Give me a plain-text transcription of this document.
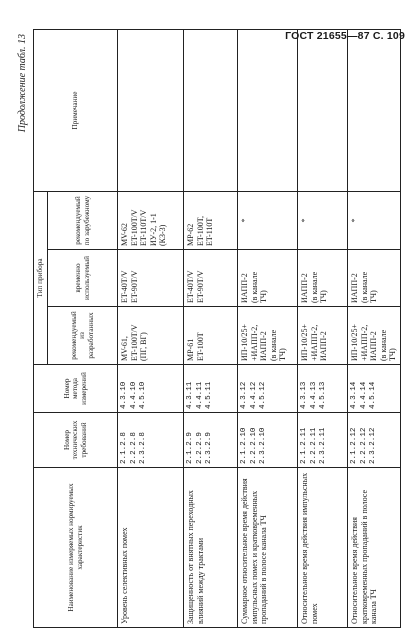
ГОСТ 21655—87 С. 109
Продолжение табл. 13
Наименование измеряемых нормируемых характеристик	Номер технических требований	Номер метода измерений	Тип прибора			Примечание
			рекомендуемый из разработанных	временно используемый	рекомендуемый по зарубежному	
Уровень селективных помех	2.1.2.8
2.2.2.8
2.3.2.8	4.3.10
4.4.10
4.5.10	MV-61,
ET-100T/V
(ПГ, ВГ)	ET-40T/V
ET-90T/V	MV-62
ET-100T/V
ET-110T/V
ИУ-2, 1-1
(КЗ-3)	
Защищенность от внятных переходных влияний между трактами	2.1.2.9
2.2.2.9
2.3.2.9	4.3.11
4.4.11
4.5.11	MP-61
ET-100T	ET-40T/V
ET-90T/V	MP-62
ET-100T,
ET-110T	
Суммарное относительное время действия импульсных помех и кратковременных пропаданий в полосе канала ТЧ	2.1.2.10
2.2.2.10
2.3.2.10	4.3.12
4.4.12
4.5.12	ИП-10/25+
+ИАПП-2,
ИАПП-2
(в канале
ТЧ)	ИАПП-2
(в канале
ТЧ)	*	
Относительное время действия импульсных помех	2.1.2.11
2.2.2.11
2.3.2.11	4.3.13
4.4.13
4.5.13	ИП-10/25+
+ИАПП-2,
ИАПП-2	ИАПП-2
(в канале
ТЧ)	*	
Относительное время действия кратковременных пропаданий в полосе канала ТЧ	2.1.2.12
2.2.2.12
2.3.2.12	4.3.14
4.4.14
4.5.14	ИП-10/25+
+ИАПП-2,
ИАПП-2
(в канале
ТЧ)	ИАПП-2
(в канале
ТЧ)	*	
